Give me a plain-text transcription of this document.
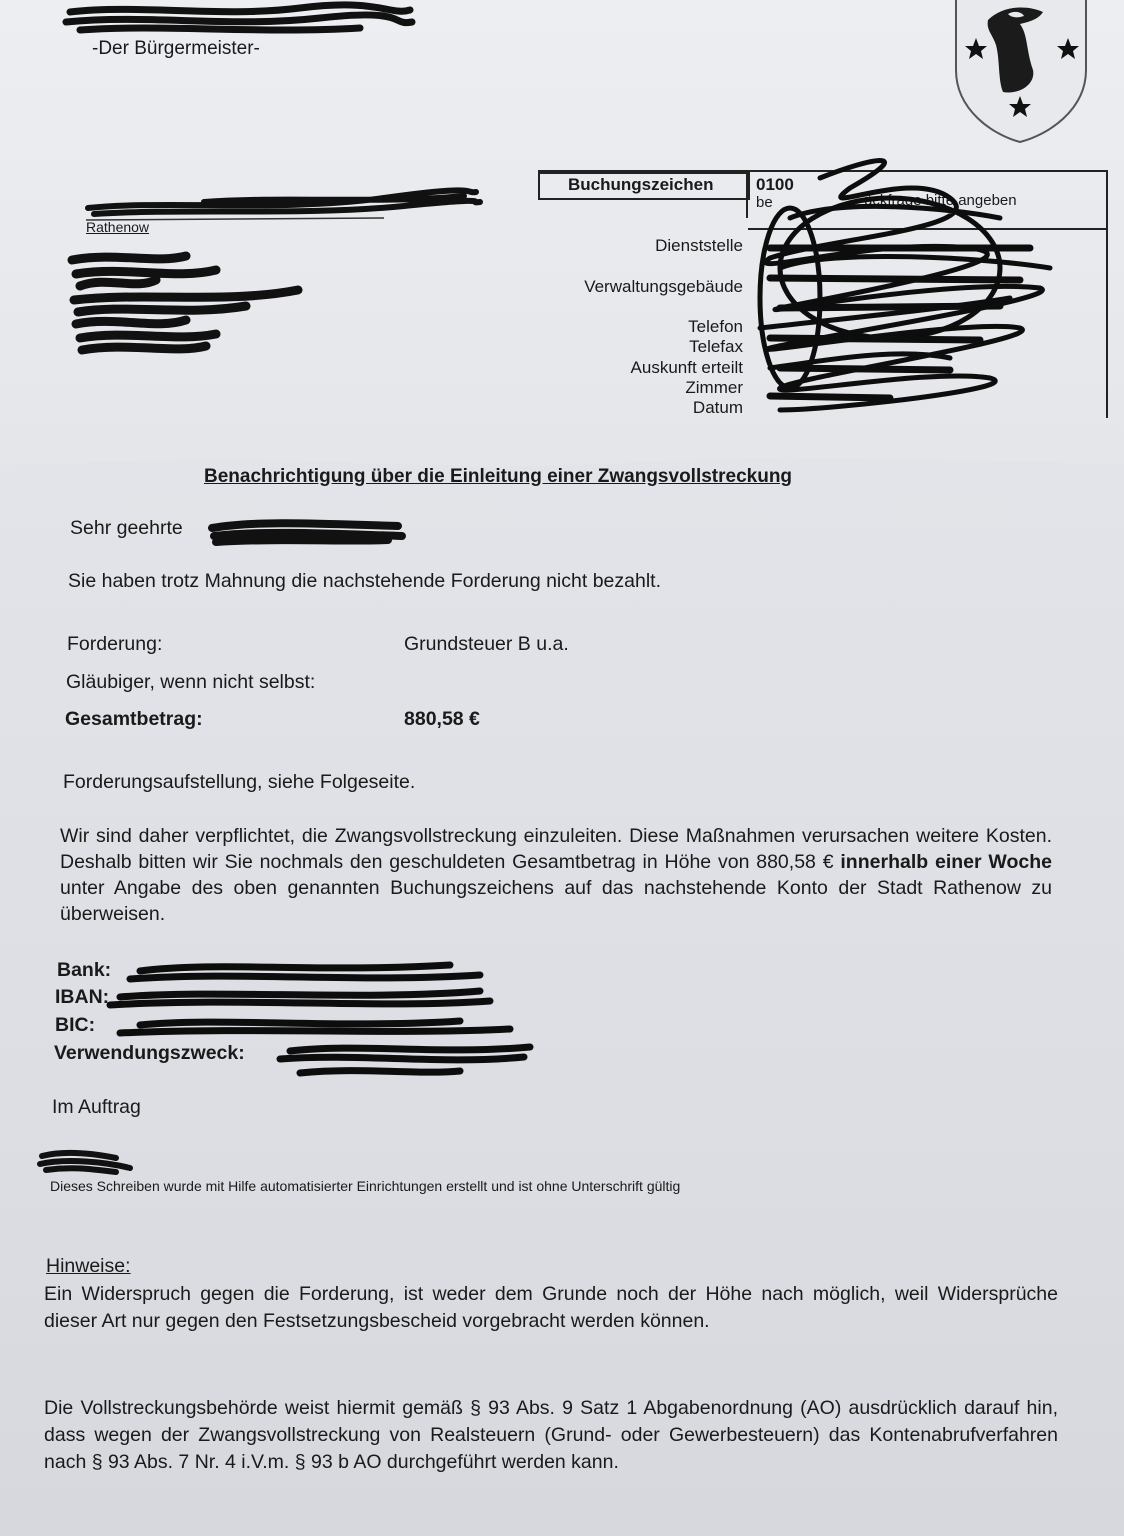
-Der Bürgermeister-
Rathenow
Buchungszeichen	0100
be	ückfrage bitte angeben
Dienststelle
Verwaltungsgebäude
Telefon
Telefax
Auskunft erteilt
Zimmer
Datum
Benachrichtigung über die Einleitung einer Zwangsvollstreckung
Sehr geehrte
Sie haben trotz Mahnung die nachstehende Forderung nicht bezahlt.
Forderung:	Grundsteuer B u.a.
Gläubiger, wenn nicht selbst:
Gesamtbetrag:	880,58 €
Forderungsaufstellung, siehe Folgeseite.
Wir sind daher verpflichtet, die Zwangsvollstreckung einzuleiten. Diese Maßnahmen verursachen weitere Kosten. Deshalb bitten wir Sie nochmals den geschuldeten Gesamtbetrag in Höhe von 880,58 € innerhalb einer Woche unter Angabe des oben genannten Buchungszeichens auf das nachstehende Konto der Stadt Rathenow zu überweisen.
Bank:
IBAN:
BIC:
Verwendungszweck:
Im Auftrag
Dieses Schreiben wurde mit Hilfe automatisierter Einrichtungen erstellt und ist ohne Unterschrift gültig
Hinweise:
Ein Widerspruch gegen die Forderung, ist weder dem Grunde noch der Höhe nach möglich, weil Widersprüche dieser Art nur gegen den Festsetzungsbescheid vorgebracht werden können.
Die Vollstreckungsbehörde weist hiermit gemäß § 93 Abs. 9 Satz 1 Abgabenordnung (AO) ausdrücklich darauf hin, dass wegen der Zwangsvollstreckung von Realsteuern (Grund- oder Gewerbesteuern) das Kontenabrufverfahren nach § 93 Abs. 7 Nr. 4 i.V.m. § 93 b AO durchgeführt werden kann.
